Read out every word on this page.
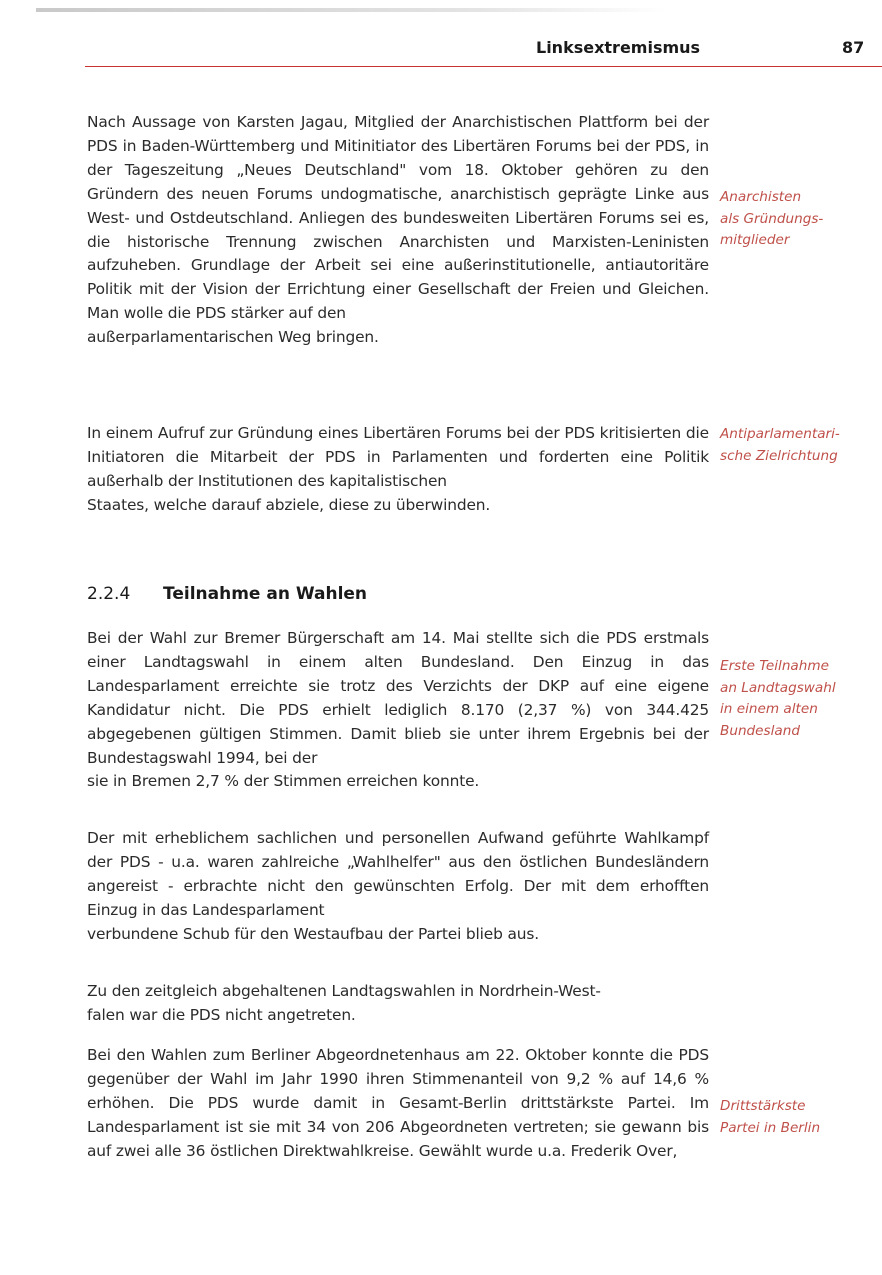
Linksextremismus	87

Nach Aussage von Karsten Jagau, Mitglied der Anarchistischen Plattform bei der PDS in Baden-Württemberg und Mitinitiator des Libertären Forums bei der PDS, in der Tageszeitung „Neues Deutschland" vom 18. Oktober gehören zu den Gründern des neuen Forums undogmatische, anarchistisch geprägte Linke aus West- und Ostdeutschland. Anliegen des bundesweiten Libertären Forums sei es, die historische Trennung zwischen Anarchisten und Marxisten-Leninisten aufzuheben. Grundlage der Arbeit sei eine außerinstitutionelle, antiautoritäre Politik mit der Vision der Errichtung einer Gesellschaft der Freien und Gleichen. Man wolle die PDS stärker auf den

außerparlamentarischen Weg bringen.

Anarchisten
als Gründungs-
mitglieder

In einem Aufruf zur Gründung eines Libertären Forums bei der PDS kritisierten die Initiatoren die Mitarbeit der PDS in Parlamenten und forderten eine Politik außerhalb der Institutionen des kapitalistischen

Staates, welche darauf abziele, diese zu überwinden.

Antiparlamentari-
sche Zielrichtung
2.2.4 Teilnahme an Wahlen

Bei der Wahl zur Bremer Bürgerschaft am 14. Mai stellte sich die PDS erstmals einer Landtagswahl in einem alten Bundesland. Den Einzug in das Landesparlament erreichte sie trotz des Verzichts der DKP auf eine eigene Kandidatur nicht. Die PDS erhielt lediglich 8.170 (2,37 %) von 344.425 abgegebenen gültigen Stimmen. Damit blieb sie unter ihrem Ergebnis bei der Bundestagswahl 1994, bei der

sie in Bremen 2,7 % der Stimmen erreichen konnte.

Erste Teilnahme
an Landtagswahl
in einem alten
Bundesland

Der mit erheblichem sachlichen und personellen Aufwand geführte Wahlkampf der PDS - u.a. waren zahlreiche „Wahlhelfer" aus den östlichen Bundesländern angereist - erbrachte nicht den gewünschten Erfolg. Der mit dem erhofften Einzug in das Landesparlament

verbundene Schub für den Westaufbau der Partei blieb aus.

Zu den zeitgleich abgehaltenen Landtagswahlen in Nordrhein-West-

falen war die PDS nicht angetreten.

Bei den Wahlen zum Berliner Abgeordnetenhaus am 22. Oktober konnte die PDS gegenüber der Wahl im Jahr 1990 ihren Stimmenanteil von 9,2 % auf 14,6 % erhöhen. Die PDS wurde damit in Gesamt-Berlin drittstärkste Partei. Im Landesparlament ist sie mit 34 von 206 Abgeordneten vertreten; sie gewann bis auf zwei alle 36 östlichen Direktwahlkreise. Gewählt wurde u.a. Frederik Over,

Drittstärkste
Partei in Berlin
